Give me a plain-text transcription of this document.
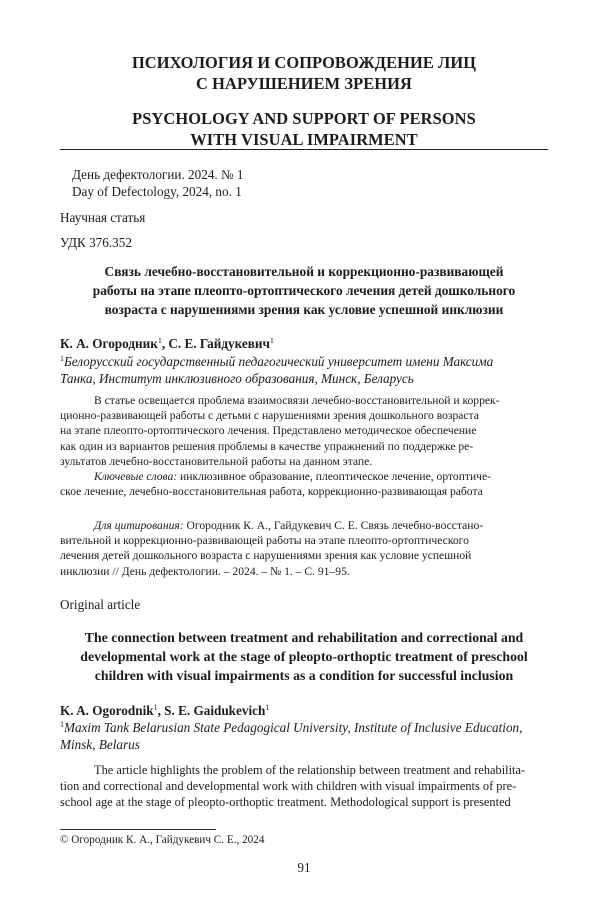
ПСИХОЛОГИЯ И СОПРОВОЖДЕНИЕ ЛИЦ
С НАРУШЕНИЕМ ЗРЕНИЯ
PSYCHOLOGY AND SUPPORT OF PERSONS
WITH VISUAL IMPAIRMENT
День дефектологии. 2024. № 1
Day of Defectology, 2024, no. 1
Научная статья
УДК 376.352
Связь лечебно-восстановительной и коррекционно-развивающей
работы на этапе плеопто-ортоптического лечения детей дошкольного
возраста с нарушениями зрения как условие успешной инклюзии
К. А. Огородник$^1$, С. Е. Гайдукевич$^1$
$^1$Белорусский государственный педагогический университет имени Максима
Танка, Институт инклюзивного образования, Минск, Беларусь

В статье освещается проблема взаимосвязи лечебно-восстановительной и коррек-

ционно-развивающей работы с детьми с нарушениями зрения дошкольного возраста
на этапе плеопто-ортоптического лечения. Представлено методическое обеспечение
как один из вариантов решения проблемы в качестве упражнений по поддержке ре-
зультатов лечебно-восстановительной работы на данном этапе.

Ключевые слова: инклюзивное образование, плеоптическое лечение, ортоптиче-

ское лечение, лечебно-восстановительная работа, коррекционно-развивающая работа

Для цитирования: Огородник К. А., Гайдукевич С. Е. Связь лечебно-восстано-

вительной и коррекционно-развивающей работы на этапе плеопто-ортоптического
лечения детей дошкольного возраста с нарушениями зрения как условие успешной
инклюзии // День дефектологии. – 2024. – № 1. – С. 91–95.
Original article
The connection between treatment and rehabilitation and correctional and
developmental work at the stage of pleopto-orthoptic treatment of preschool
children with visual impairments as a condition for successful inclusion
K. A. Ogorodnik$^1$, S. E. Gaidukevich$^1$
$^1$Maxim Tank Belarusian State Pedagogical University, Institute of Inclusive Education,
Minsk, Belarus

The article highlights the problem of the relationship between treatment and rehabilita-

tion and correctional and developmental work with children with visual impairments of pre-
school age at the stage of pleopto-orthoptic treatment. Methodological support is presented
© Огородник К. А., Гайдукевич С. Е., 2024
91
